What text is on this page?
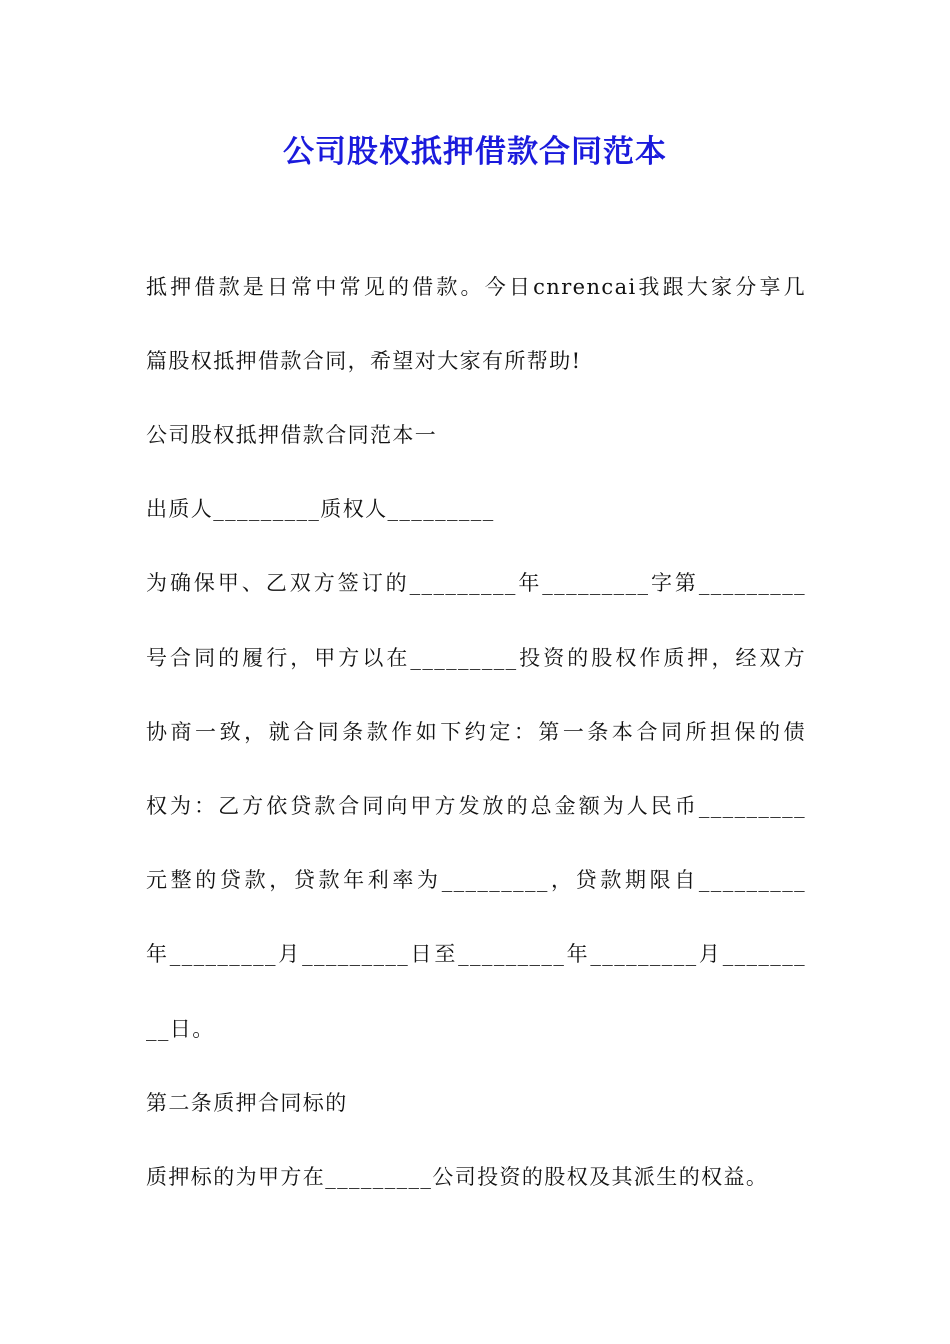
公司股权抵押借款合同范本
抵押借款是日常中常见的借款。今日cnrencai我跟大家分享几
篇股权抵押借款合同，希望对大家有所帮助!
公司股权抵押借款合同范本一
出质人_________质权人_________
为确保甲、乙双方签订的_________年_________字第_________
号合同的履行，甲方以在_________投资的股权作质押，经双方
协商一致，就合同条款作如下约定：第一条本合同所担保的债
权为：乙方依贷款合同向甲方发放的总金额为人民币_________
元整的贷款，贷款年利率为_________，贷款期限自_________
年_________月_________日至_________年_________月_______
__日。
第二条质押合同标的
质押标的为甲方在_________公司投资的股权及其派生的权益。
